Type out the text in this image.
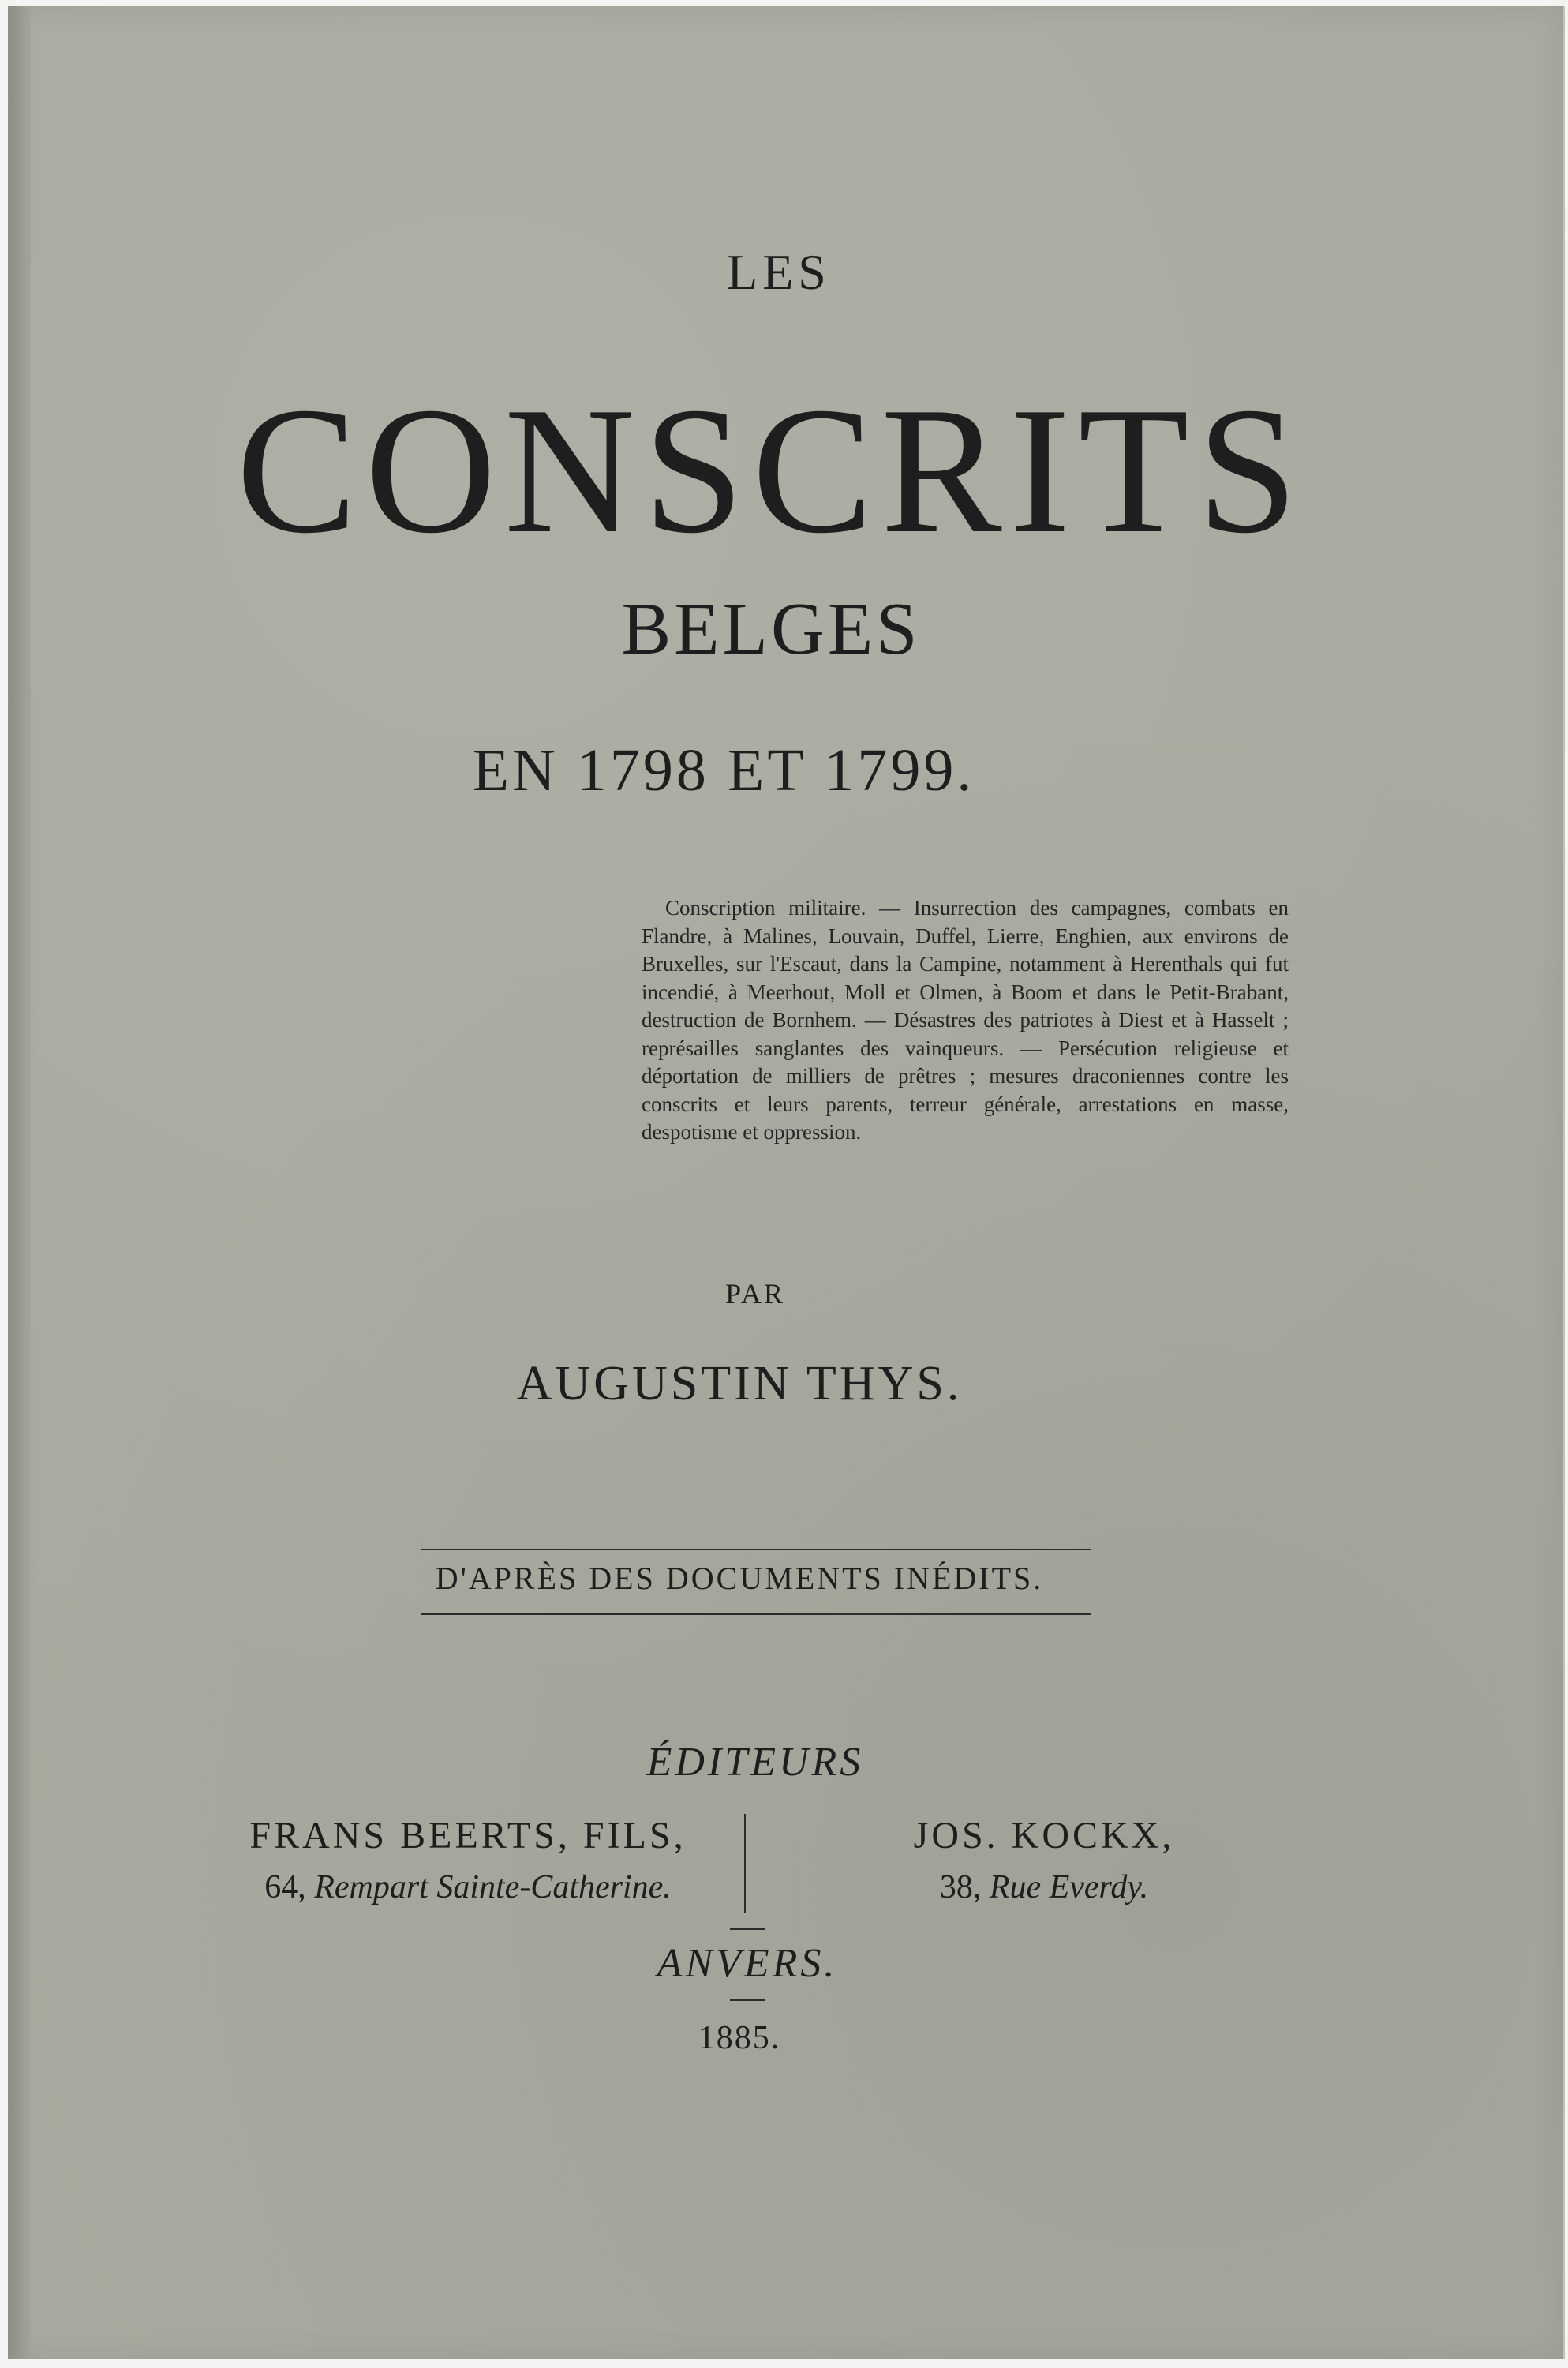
LES
CONSCRITS
BELGES
EN 1798 ET 1799.
Conscription militaire. — Insurrection des campagnes, combats en Flandre, à Malines, Louvain, Duffel, Lierre, Enghien, aux environs de Bruxelles, sur l'Escaut, dans la Campine, notamment à Herenthals qui fut incendié, à Meerhout, Moll et Olmen, à Boom et dans le Petit-Brabant, destruction de Bornhem. — Désastres des patriotes à Diest et à Hasselt ; représailles sanglantes des vainqueurs. — Persécution religieuse et déportation de milliers de prêtres ; mesures draconiennes contre les conscrits et leurs parents, terreur générale, arrestations en masse, despotisme et oppression.
PAR
AUGUSTIN THYS.
D'APRÈS DES DOCUMENTS INÉDITS.
ÉDITEURS
FRANS BEERTS, FILS,
64, Rempart Sainte-Catherine.
JOS. KOCKX,
38, Rue Everdy.
ANVERS.
1885.
